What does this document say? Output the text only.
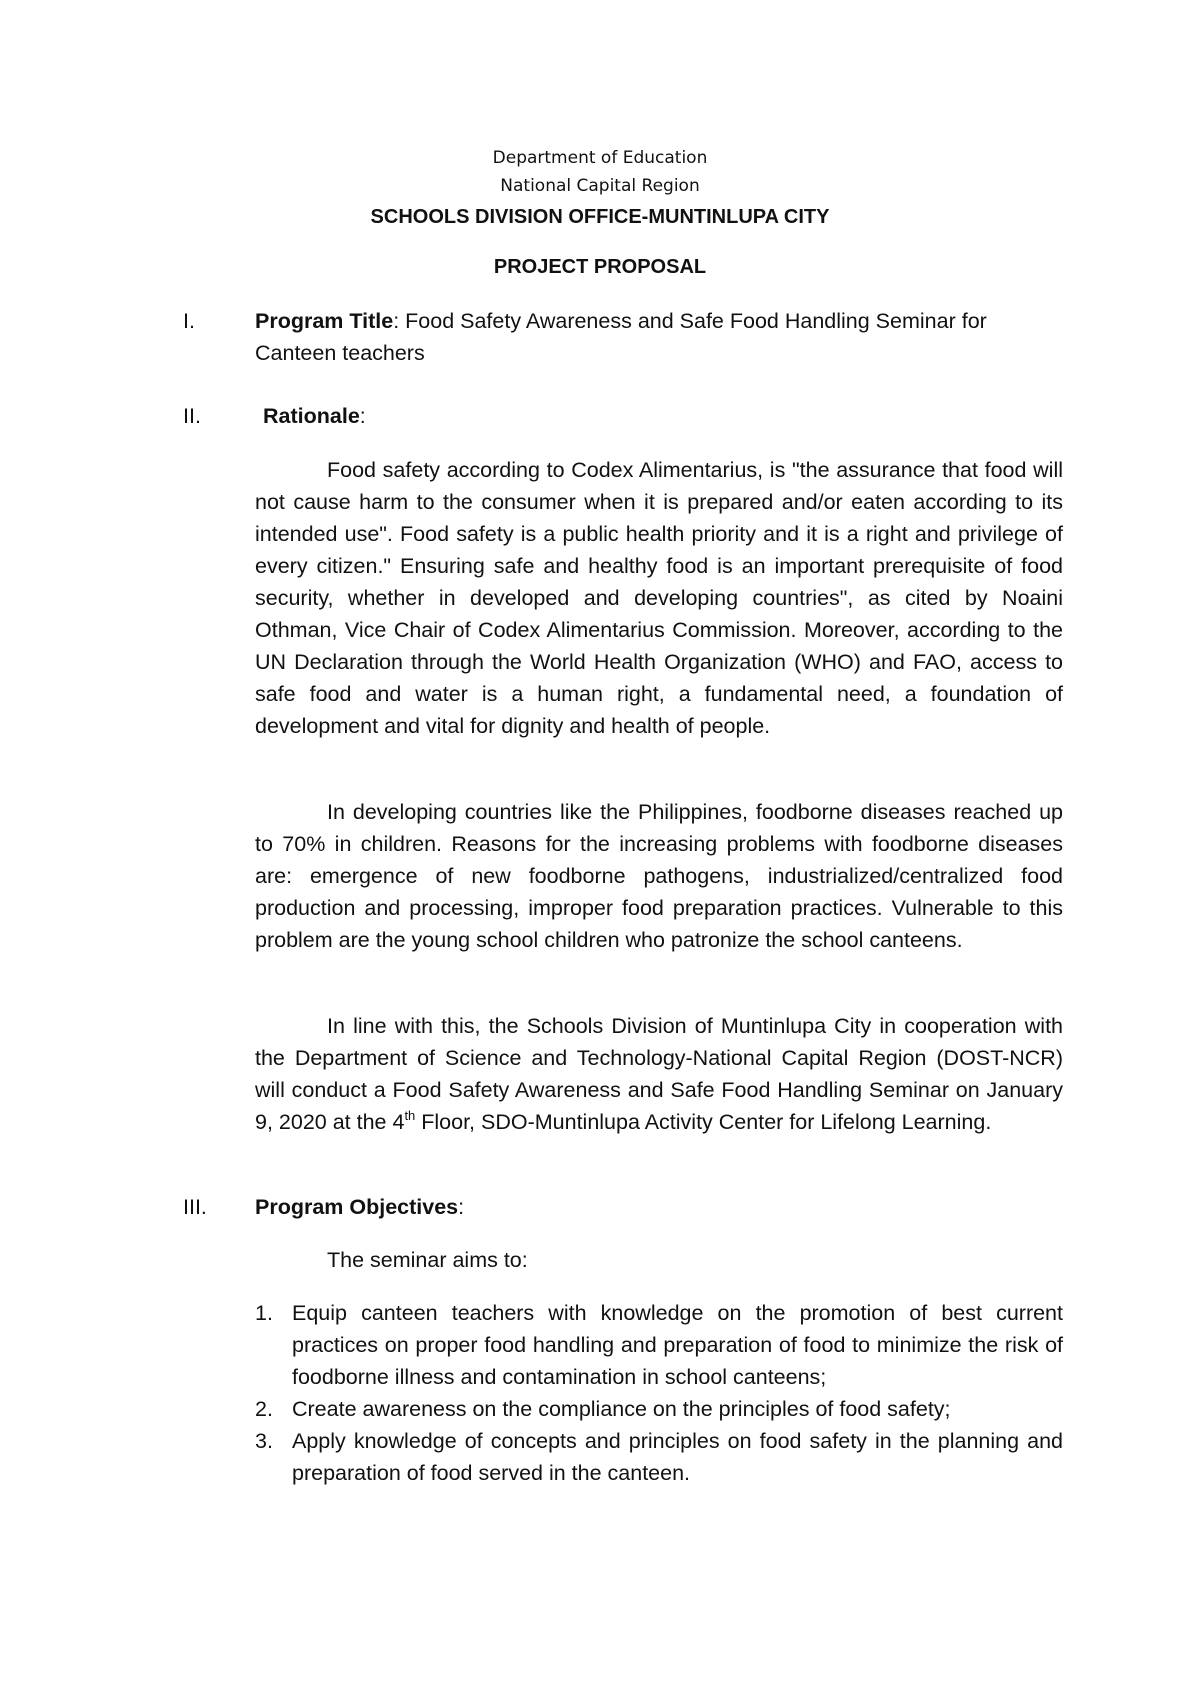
Department of Education
National Capital Region
SCHOOLS DIVISION OFFICE-MUNTINLUPA CITY
PROJECT PROPOSAL
I.	Program Title: Food Safety Awareness and Safe Food Handling Seminar for Canteen teachers
II.	Rationale:

Food safety according to Codex Alimentarius, is "the assurance that food will not cause harm to the consumer when it is prepared and/or eaten according to its intended use". Food safety is a public health priority and it is a right and privilege of every citizen." Ensuring safe and healthy food is an important prerequisite of food security, whether in developed and developing countries", as cited by Noaini Othman, Vice Chair of Codex Alimentarius Commission. Moreover, according to the UN Declaration through the World Health Organization (WHO) and FAO, access to safe food and water is a human right, a fundamental need, a foundation of development and vital for dignity and health of people.

In developing countries like the Philippines, foodborne diseases reached up to 70% in children. Reasons for the increasing problems with foodborne diseases are: emergence of new foodborne pathogens, industrialized/centralized food production and processing, improper food preparation practices. Vulnerable to this problem are the young school children who patronize the school canteens.

In line with this, the Schools Division of Muntinlupa City in cooperation with the Department of Science and Technology-National Capital Region (DOST-NCR) will conduct a Food Safety Awareness and Safe Food Handling Seminar on January 9, 2020 at the 4th Floor, SDO-Muntinlupa Activity Center for Lifelong Learning.

III. Program Objectives:

The seminar aims to:

1. Equip canteen teachers with knowledge on the promotion of best current practices on proper food handling and preparation of food to minimize the risk of foodborne illness and contamination in school canteens;
2. Create awareness on the compliance on the principles of food safety;
3. Apply knowledge of concepts and principles on food safety in the planning and preparation of food served in the canteen.
